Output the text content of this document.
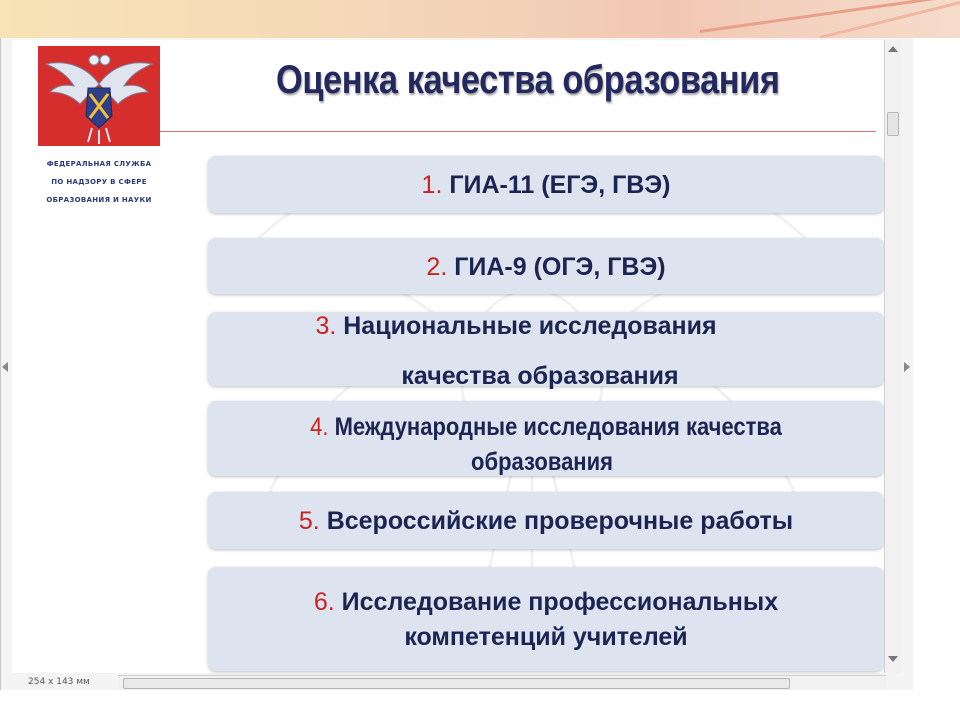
ФЕДЕРАЛЬНАЯ СЛУЖБА
ПО НАДЗОРУ В СФЕРЕ
ОБРАЗОВАНИЯ И НАУКИ
Оценка качества образования
1. ГИА-11 (ЕГЭ, ГВЭ)
2. ГИА-9 (ОГЭ, ГВЭ)
3. Национальные исследования
качества образования
4. Международные исследования качества
образования
5. Всероссийские проверочные работы
6. Исследование профессиональных
компетенций учителей
254 x 143 мм
